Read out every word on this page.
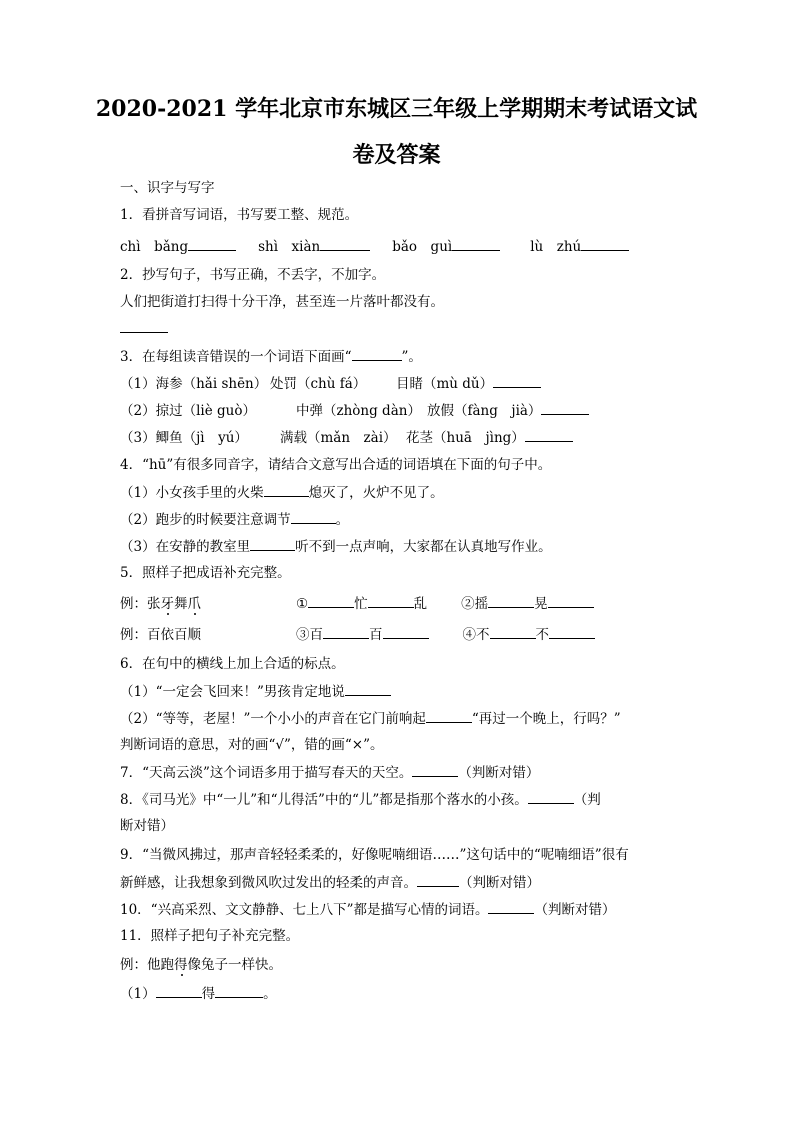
2020-2021 学年北京市东城区三年级上学期期末考试语文试
卷及答案
一、识字与写字
1．看拼音写词语，书写要工整、规范。
chì　bǎng	shì　xiàn	bǎo　guì	lù　zhú
2．抄写句子，书写正确，不丢字，不加字。
人们把街道打扫得十分干净，甚至连一片落叶都没有。
3．在每组读音错误的一个词语下面画“	”。
（1）海参（hǎi shēn） 处罚（chù fá） 目睹（mù dǔ）
（2）掠过（liè guò）	中弹（zhòng dàn） 放假（fàng　jià）
（3）鲫鱼（jì　yú） 满载（mǎn　zài） 花茎（huā　jìng）
4．“hū”有很多同音字，请结合文意写出合适的词语填在下面的句子中。
（1）小女孩手里的火柴	熄灭了，火炉不见了。
（2）跑步的时候要注意调节	。
（3）在安静的教室里	听不到一点声响，大家都在认真地写作业。
5．照样子把成语补充完整。
例：张牙舞爪	①	忙	乱	②摇	晃
例：百依百顺	③百	百	④不	不
6．在句中的横线上加上合适的标点。
（1）“一定会飞回来！”男孩肯定地说
（2）“等等，老屋！”一个小小的声音在它门前响起	“再过一个晚上，行吗？”
判断词语的意思，对的画“√”，错的画“×”。
7．“天高云淡”这个词语多用于描写春天的天空。	（判断对错）
8．《司马光》中“一儿”和“儿得活”中的“儿”都是指那个落水的小孩。	（判
断对错）
9．“当微风拂过，那声音轻轻柔柔的，好像呢喃细语……”这句话中的“呢喃细语”很有
新鲜感，让我想象到微风吹过发出的轻柔的声音。	（判断对错）
10．“兴高采烈、文文静静、七上八下”都是描写心情的词语。	（判断对错）
11．照样子把句子补充完整。
例：他跑得像兔子一样快。
（1）	得	。
